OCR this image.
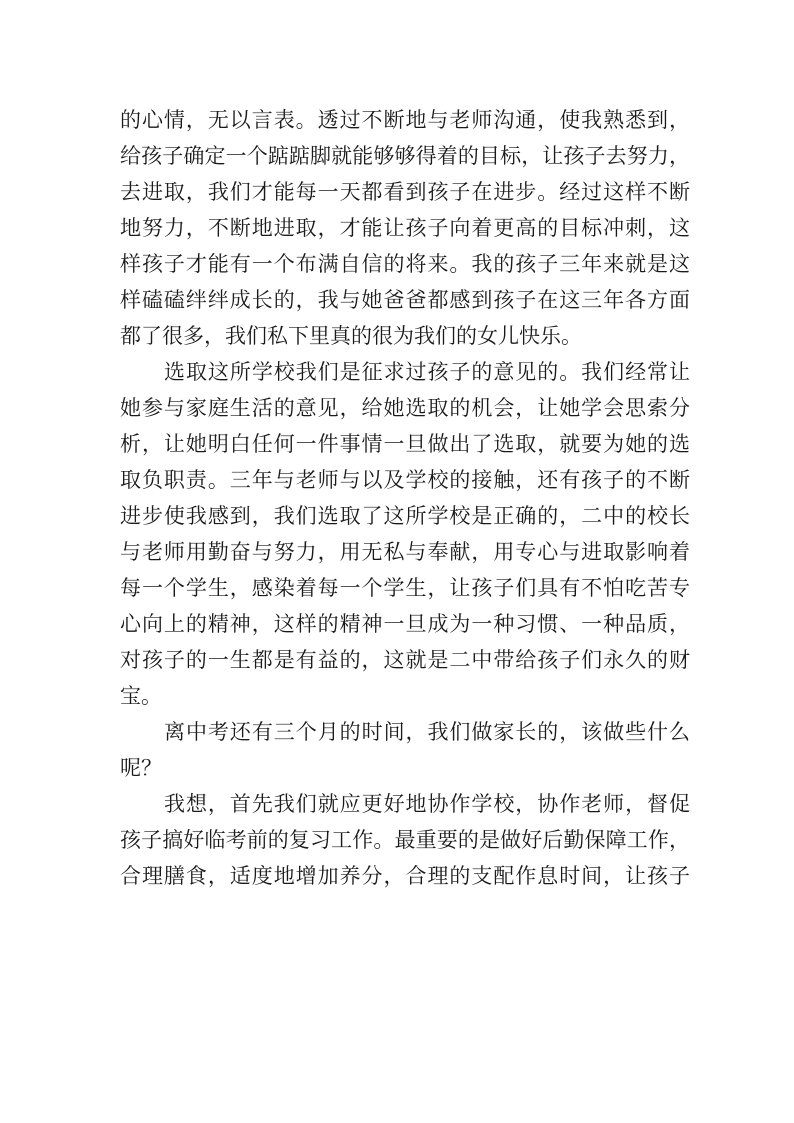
的心情，无以言表。透过不断地与老师沟通，使我熟悉到，
给孩子确定一个踮踮脚就能够够得着的目标，让孩子去努力，
去进取，我们才能每一天都看到孩子在进步。经过这样不断
地努力，不断地进取，才能让孩子向着更高的目标冲刺，这
样孩子才能有一个布满自信的将来。我的孩子三年来就是这
样磕磕绊绊成长的，我与她爸爸都感到孩子在这三年各方面
都了很多，我们私下里真的很为我们的女儿快乐。
选取这所学校我们是征求过孩子的意见的。我们经常让
她参与家庭生活的意见，给她选取的机会，让她学会思索分
析，让她明白任何一件事情一旦做出了选取，就要为她的选
取负职责。三年与老师与以及学校的接触，还有孩子的不断
进步使我感到，我们选取了这所学校是正确的，二中的校长
与老师用勤奋与努力，用无私与奉献，用专心与进取影响着
每一个学生，感染着每一个学生，让孩子们具有不怕吃苦专
心向上的精神，这样的精神一旦成为一种习惯、一种品质，
对孩子的一生都是有益的，这就是二中带给孩子们永久的财
宝。
离中考还有三个月的时间，我们做家长的，该做些什么
呢？
我想，首先我们就应更好地协作学校，协作老师，督促
孩子搞好临考前的复习工作。最重要的是做好后勤保障工作，
合理膳食，适度地增加养分，合理的支配作息时间，让孩子
